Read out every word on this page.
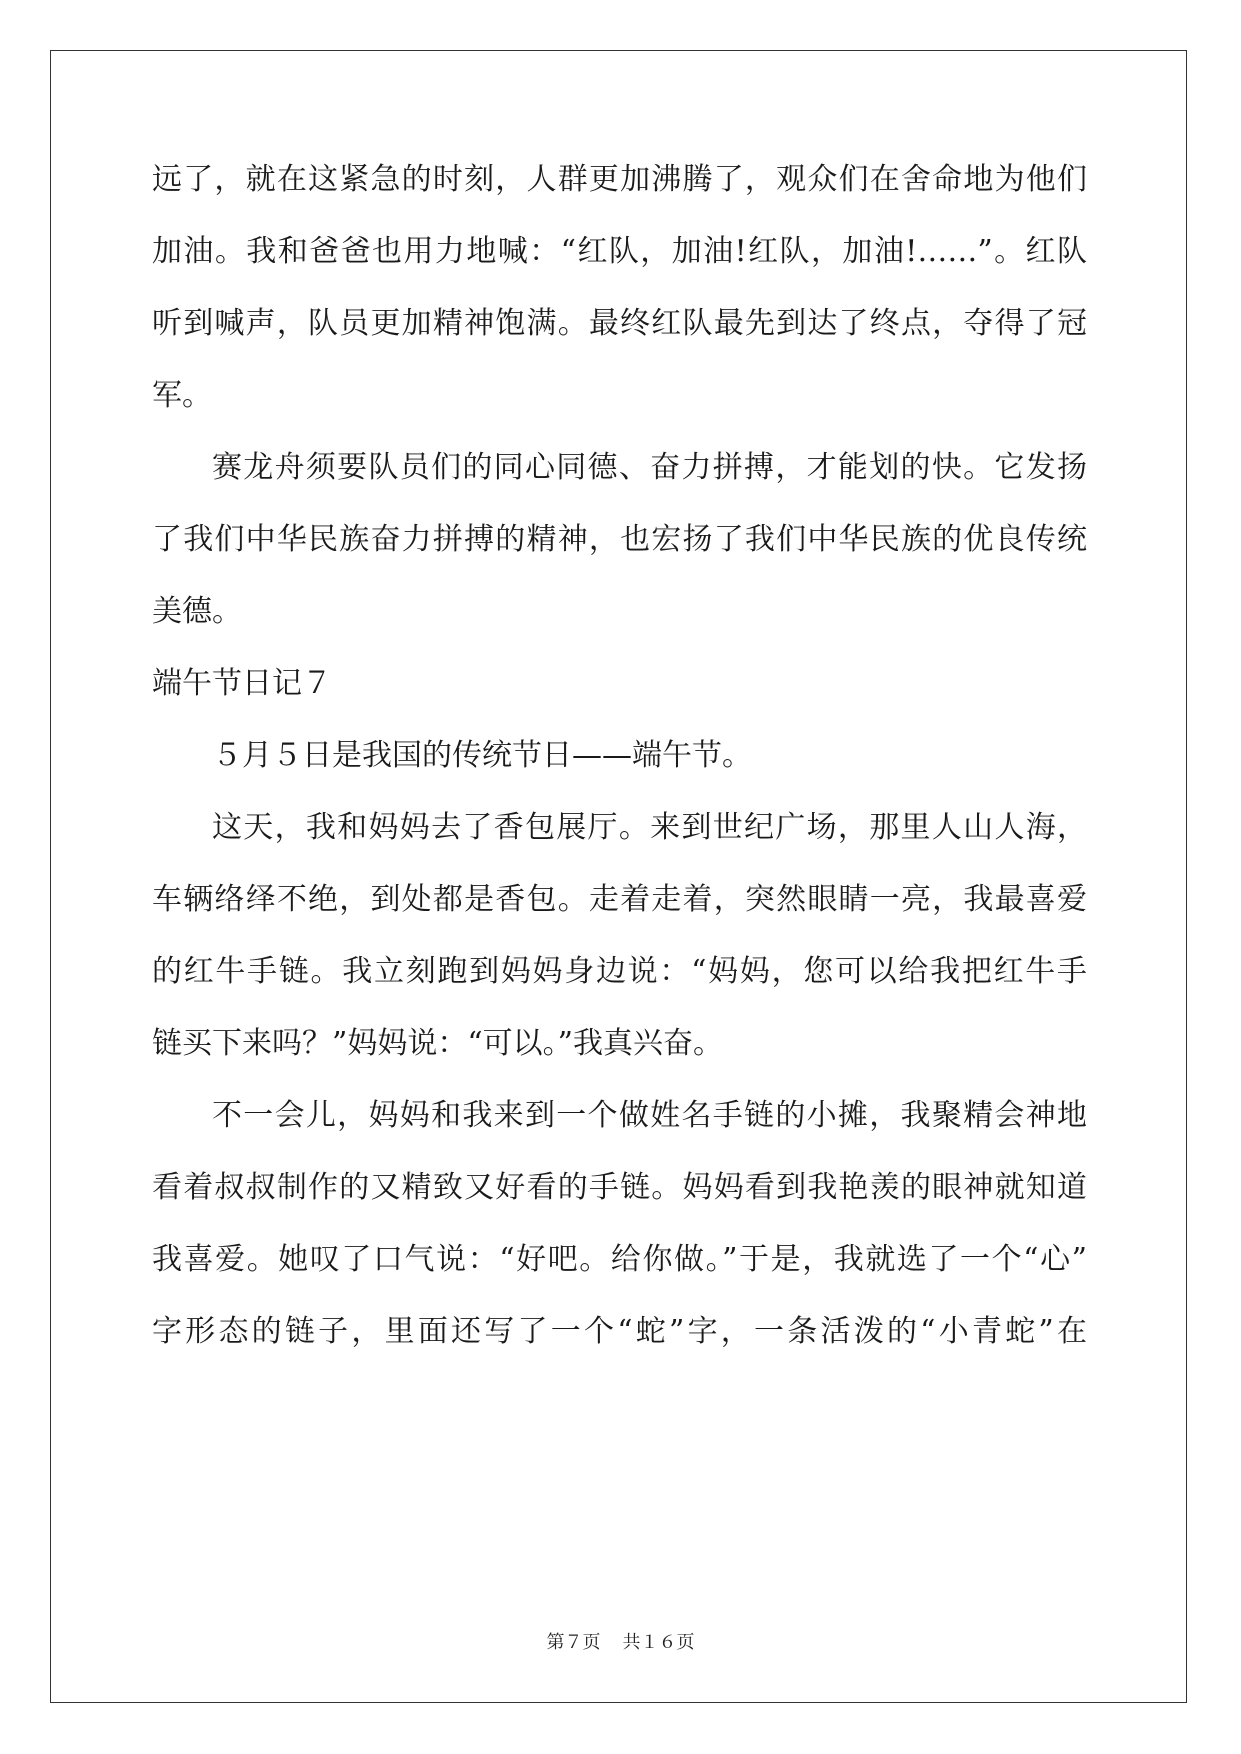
远了，就在这紧急的时刻，人群更加沸腾了，观众们在舍命地为他们
加油。我和爸爸也用力地喊：“红队，加油!红队，加油!……”。红队
听到喊声，队员更加精神饱满。最终红队最先到达了终点，夺得了冠
军。
赛龙舟须要队员们的同心同德、奋力拼搏，才能划的快。它发扬
了我们中华民族奋力拼搏的精神，也宏扬了我们中华民族的优良传统
美德。
端午节日记７
５月５日是我国的传统节日——端午节。
这天，我和妈妈去了香包展厅。来到世纪广场，那里人山人海，
车辆络绎不绝，到处都是香包。走着走着，突然眼睛一亮，我最喜爱
的红牛手链。我立刻跑到妈妈身边说：“妈妈，您可以给我把红牛手
链买下来吗？”妈妈说：“可以。”我真兴奋。
不一会儿，妈妈和我来到一个做姓名手链的小摊，我聚精会神地
看着叔叔制作的又精致又好看的手链。妈妈看到我艳羡的眼神就知道
我喜爱。她叹了口气说：“好吧。给你做。”于是，我就选了一个“心”
字形态的链子，里面还写了一个“蛇”字，一条活泼的“小青蛇”在
第７页 共１６页
